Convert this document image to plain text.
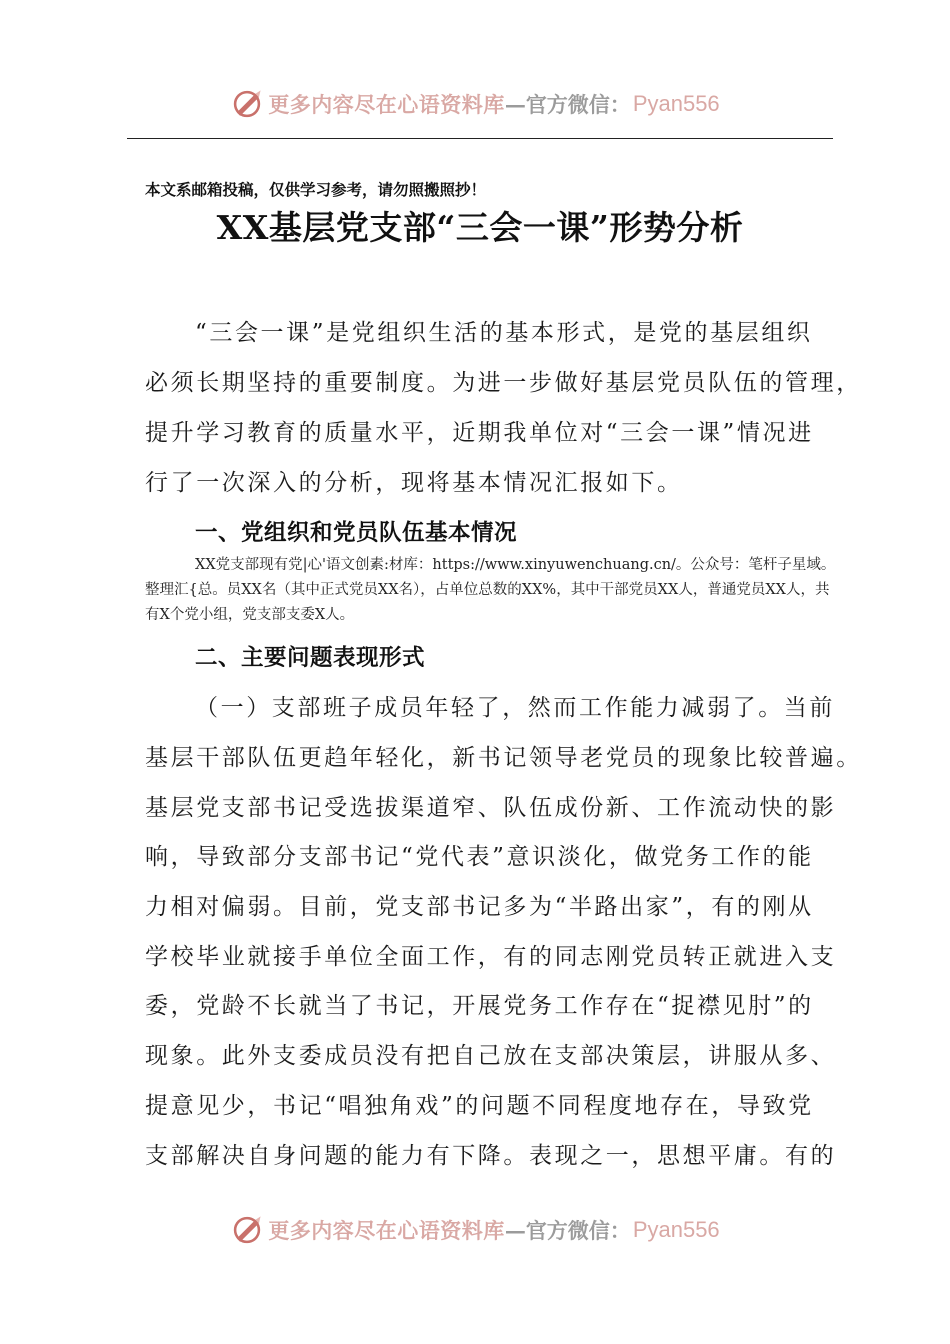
更多内容尽在心语资料库 —官方微信： Pyan556
本文系邮箱投稿，仅供学习参考，请勿照搬照抄！
XX基层党支部“三会一课”形势分析
“三会一课”是党组织生活的基本形式，是党的基层组织
必须长期坚持的重要制度。为进一步做好基层党员队伍的管理，
提升学习教育的质量水平，近期我单位对“三会一课”情况进
行了一次深入的分析，现将基本情况汇报如下。
一、党组织和党员队伍基本情况
XX党支部现有党|心'语文创素:材库：https://www.xinyuwenchuang.cn/。公众号：笔杆子星域。整理汇{总。员XX名（其中正式党员XX名），占单位总数的XX%，其中干部党员XX人，普通党员XX人，共有X个党小组，党支部支委X人。
二、主要问题表现形式
（一）支部班子成员年轻了，然而工作能力减弱了。当前
基层干部队伍更趋年轻化，新书记领导老党员的现象比较普遍。
基层党支部书记受选拔渠道窄、队伍成份新、工作流动快的影
响，导致部分支部书记“党代表”意识淡化，做党务工作的能
力相对偏弱。目前，党支部书记多为“半路出家”，有的刚从
学校毕业就接手单位全面工作，有的同志刚党员转正就进入支
委，党龄不长就当了书记，开展党务工作存在“捉襟见肘”的
现象。此外支委成员没有把自己放在支部决策层，讲服从多、
提意见少，书记“唱独角戏”的问题不同程度地存在，导致党
支部解决自身问题的能力有下降。表现之一，思想平庸。有的
更多内容尽在心语资料库 —官方微信： Pyan556
